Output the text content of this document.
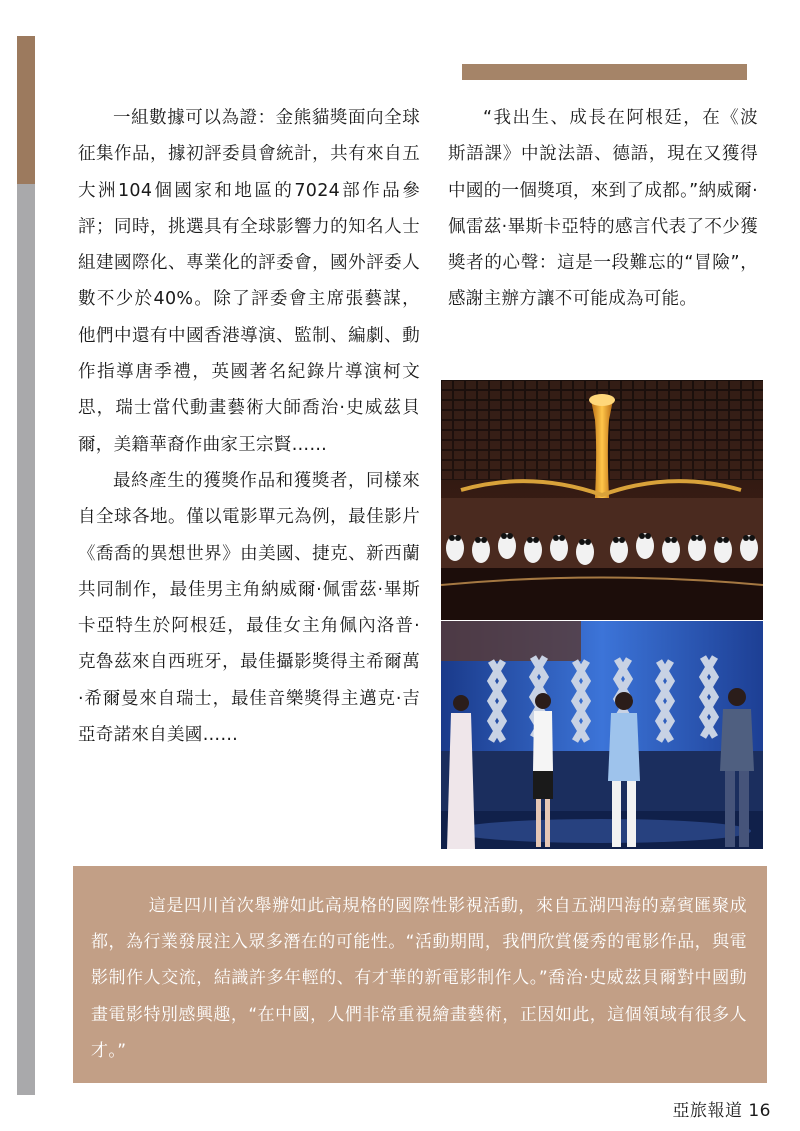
一組數據可以為證：金熊貓獎面向全球征集作品，據初評委員會統計，共有來自五大洲104個國家和地區的7024部作品參評；同時，挑選具有全球影響力的知名人士組建國際化、專業化的評委會，國外評委人數不少於40%。除了評委會主席張藝謀，他們中還有中國香港導演、監制、編劇、動作指導唐季禮，英國著名紀錄片導演柯文思，瑞士當代動畫藝術大師喬治·史威茲貝爾，美籍華裔作曲家王宗賢……

最終產生的獲獎作品和獲獎者，同樣來自全球各地。僅以電影單元為例，最佳影片《喬喬的異想世界》由美國、捷克、新西蘭共同制作，最佳男主角納威爾·佩雷茲·畢斯卡亞特生於阿根廷，最佳女主角佩內洛普·克魯茲來自西班牙，最佳攝影獎得主希爾萬·希爾曼來自瑞士，最佳音樂獎得主邁克·吉亞奇諾來自美國……

“我出生、成長在阿根廷，在《波斯語課》中說法語、德語，現在又獲得中國的一個獎項，來到了成都。”納威爾·佩雷茲·畢斯卡亞特的感言代表了不少獲獎者的心聲：這是一段難忘的“冒險”，感謝主辦方讓不可能成為可能。

這是四川首次舉辦如此高規格的國際性影視活動，來自五湖四海的嘉賓匯聚成都，為行業發展注入眾多潛在的可能性。“活動期間，我們欣賞優秀的電影作品，與電影制作人交流，結識許多年輕的、有才華的新電影制作人。”喬治·史威茲貝爾對中國動畫電影特別感興趣，“在中國，人們非常重視繪畫藝術，正因如此，這個領域有很多人才。”

亞旅報道 16
